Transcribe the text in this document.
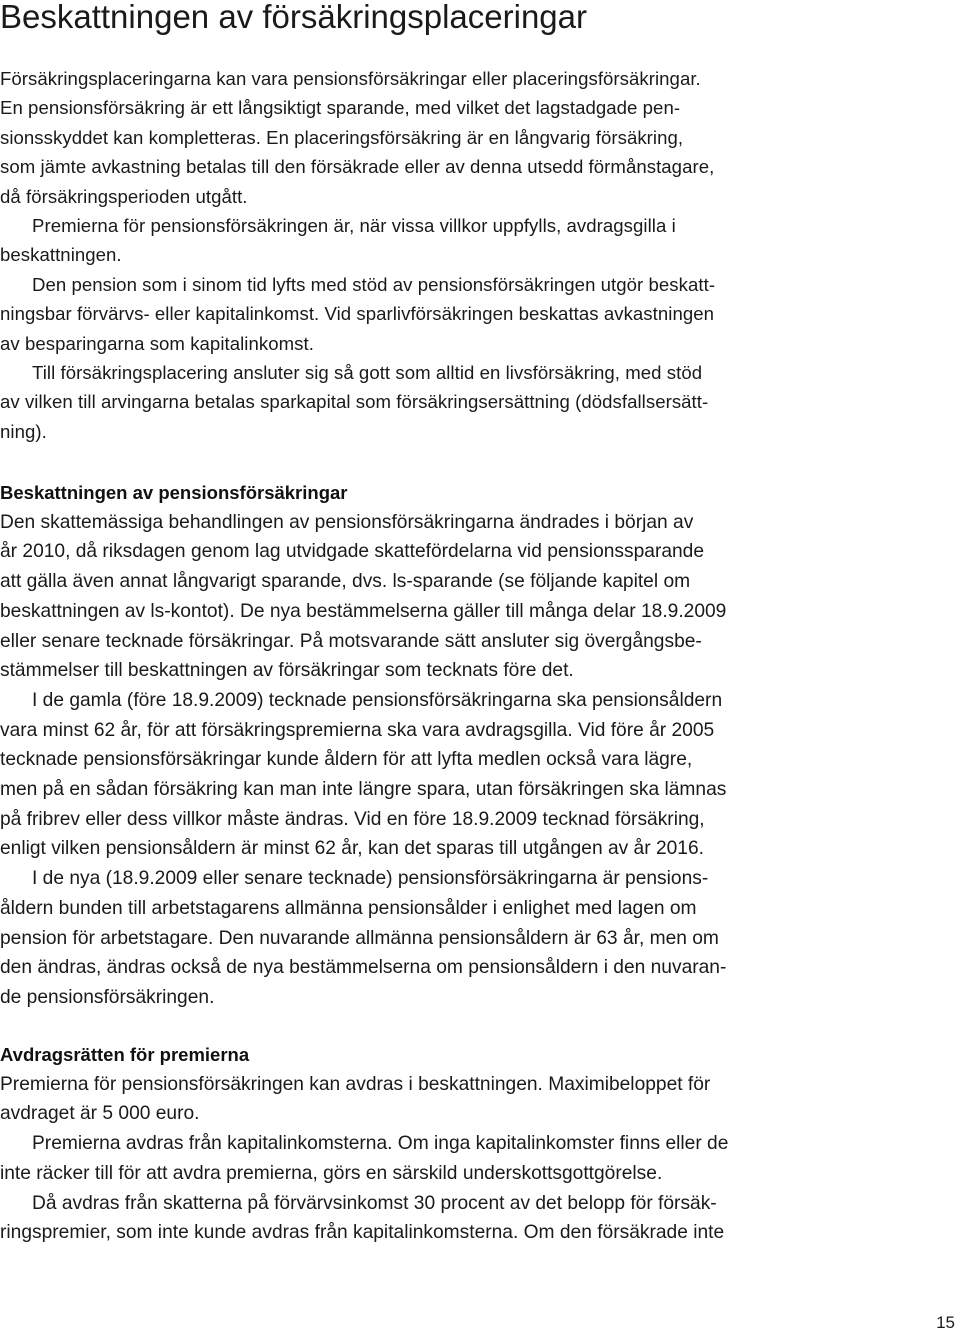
Beskattningen av försäkringsplaceringar

Försäkringsplaceringarna kan vara pensionsförsäkringar eller placeringsförsäkringar.

En pensionsförsäkring är ett långsiktigt sparande, med vilket det lagstadgade pen-

sionsskyddet kan kompletteras. En placeringsförsäkring är en långvarig försäkring,

som jämte avkastning betalas till den försäkrade eller av denna utsedd förmånstagare,

då försäkringsperioden utgått.

Premierna för pensionsförsäkringen är, när vissa villkor uppfylls, avdragsgilla i

beskattningen.

Den pension som i sinom tid lyfts med stöd av pensionsförsäkringen utgör beskatt-

ningsbar förvärvs- eller kapitalinkomst. Vid sparlivförsäkringen beskattas avkastningen

av besparingarna som kapitalinkomst.

Till försäkringsplacering ansluter sig så gott som alltid en livsförsäkring, med stöd

av vilken till arvingarna betalas sparkapital som försäkringsersättning (dödsfallsersätt-

ning).

Beskattningen av pensionsförsäkringar

Den skattemässiga behandlingen av pensionsförsäkringarna ändrades i början av

år 2010, då riksdagen genom lag utvidgade skattefördelarna vid pensionssparande

att gälla även annat långvarigt sparande, dvs. ls-sparande (se följande kapitel om

beskattningen av ls-kontot). De nya bestämmelserna gäller till många delar 18.9.2009

eller senare tecknade försäkringar. På motsvarande sätt ansluter sig övergångsbe-

stämmelser till beskattningen av försäkringar som tecknats före det.

I de gamla (före 18.9.2009) tecknade pensionsförsäkringarna ska pensionsåldern

vara minst 62 år, för att försäkringspremierna ska vara avdragsgilla. Vid före år 2005

tecknade pensionsförsäkringar kunde åldern för att lyfta medlen också vara lägre,

men på en sådan försäkring kan man inte längre spara, utan försäkringen ska lämnas

på fribrev eller dess villkor måste ändras. Vid en före 18.9.2009 tecknad försäkring,

enligt vilken pensionsåldern är minst 62 år, kan det sparas till utgången av år 2016.

I de nya (18.9.2009 eller senare tecknade) pensionsförsäkringarna är pensions-

åldern bunden till arbetstagarens allmänna pensionsålder i enlighet med lagen om

pension för arbetstagare. Den nuvarande allmänna pensionsåldern är 63 år, men om

den ändras, ändras också de nya bestämmelserna om pensionsåldern i den nuvaran-

de pensionsförsäkringen.

Avdragsrätten för premierna

Premierna för pensionsförsäkringen kan avdras i beskattningen. Maximibeloppet för

avdraget är 5 000 euro.

Premierna avdras från kapitalinkomsterna. Om inga kapitalinkomster finns eller de

inte räcker till för att avdra premierna, görs en särskild underskottsgottgörelse.

Då avdras från skatterna på förvärvsinkomst 30 procent av det belopp för försäk-

ringspremier, som inte kunde avdras från kapitalinkomsterna. Om den försäkrade inte

15
